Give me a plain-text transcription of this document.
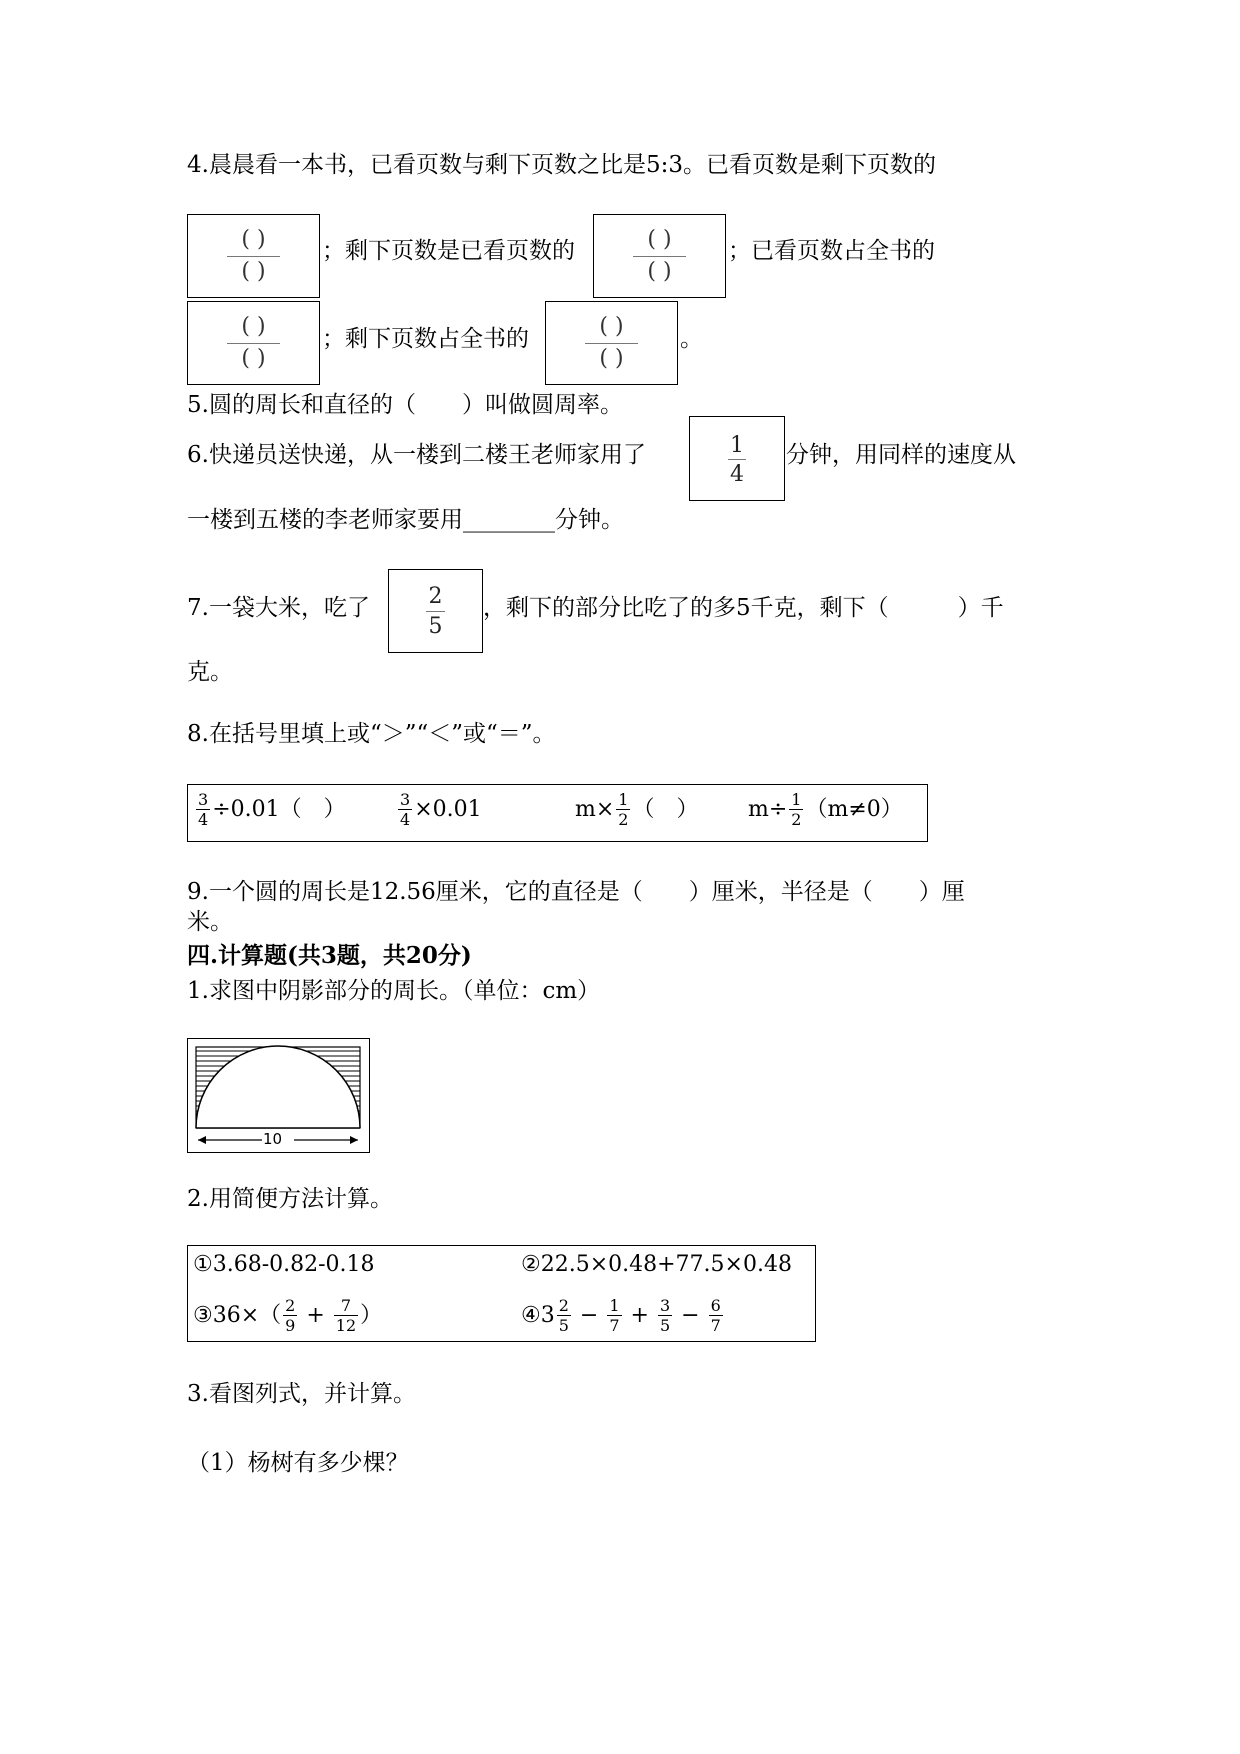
4.晨晨看一本书，已看页数与剩下页数之比是5:3。已看页数是剩下页数的
( )
( )
；剩下页数是已看页数的	( )
( )
；已看页数占全书的
( )
( )
；剩下页数占全书的	( )
( )
。
5.圆的周长和直径的（　　）叫做圆周率。
6.快递员送快递，从一楼到二楼王老师家用了	1
4
分钟，用同样的速度从
一楼到五楼的李老师家要用________分钟。
7.一袋大米，吃了	2
5
，剩下的部分比吃了的多5千克，剩下（　　　）千
克。
8.在括号里填上或“＞”“＜”或“＝”。
$\frac{3}{4} \div 0.01$（　）	$\frac{3}{4} \times 0.01$	$m\times \frac{1}{2}$ （　） $m\div \frac{1}{2} (m\ne 0)$
9.一个圆的周长是12.56厘米，它的直径是（　　）厘米，半径是（　　）厘
米。
四.计算题(共3题，共20分)
1.求图中阴影部分的周长。（单位：cm）
10
2.用简便方法计算。
①3.68-0.82-0.18	②22.5×0.48+77.5×0.48
③36×（ $\frac{2}{9} + \frac{7}{12}$ ）	④3 $\frac{2}{5} - \frac{1}{7} + \frac{3}{5} - \frac{6}{7}$
3.看图列式，并计算。
（1）杨树有多少棵？
